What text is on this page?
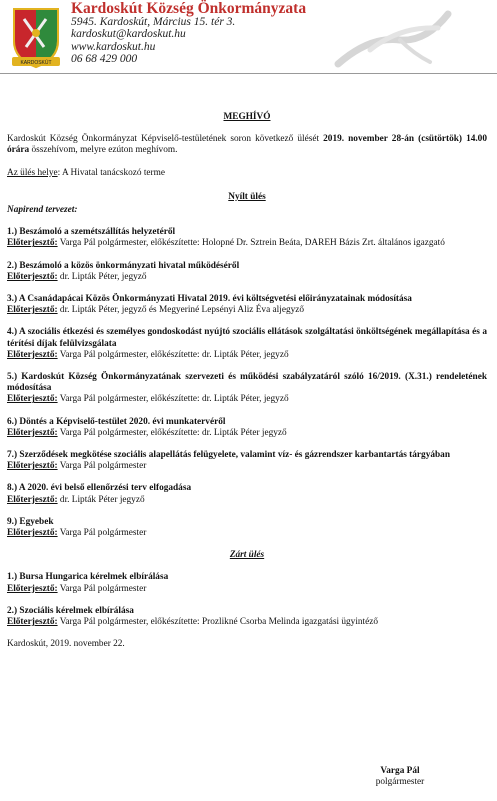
KARDOSKÚT
Kardoskút Község Önkormányzata
5945. Kardoskút, Március 15. tér 3.
kardoskut@kardoskut.hu
www.kardoskut.hu
06 68 429 000

MEGHÍVÓ

Kardoskút Község Önkormányzat Képviselő-testületének soron következő ülését 2019. november 28-án (csütörtök) 14.00 órára összehívom, melyre ezúton meghívom.

Az ülés helye: A Hivatal tanácskozó terme

Nyílt ülés

Napirend tervezet:

1.) Beszámoló a szemétszállítás helyzetéről

Előterjesztő: Varga Pál polgármester, előkészítette: Holopné Dr. Sztrein Beáta, DAREH Bázis Zrt. általános igazgató

2.) Beszámoló a közös önkormányzati hivatal működéséről

Előterjesztő: dr. Lipták Péter, jegyző

3.) A Csanádapácai Közös Önkormányzati Hivatal 2019. évi költségvetési előirányzatainak módosítása

Előterjesztő: dr. Lipták Péter, jegyző és Megyeriné Lepsényi Aliz Éva aljegyző

4.) A szociális étkezési és személyes gondoskodást nyújtó szociális ellátások szolgáltatási önköltségének megállapítása és a térítési díjak felülvizsgálata

Előterjesztő: Varga Pál polgármester, előkészítette: dr. Lipták Péter, jegyző

5.) Kardoskút Község Önkormányzatának szervezeti és működési szabályzatáról szóló 16/2019. (X.31.) rendeletének módosítása

Előterjesztő: Varga Pál polgármester, előkészítette: dr. Lipták Péter, jegyző

6.) Döntés a Képviselő-testület 2020. évi munkatervéről

Előterjesztő: Varga Pál polgármester, előkészítette: dr. Lipták Péter jegyző

7.) Szerződések megkötése szociális alapellátás felügyelete, valamint víz- és gázrendszer karbantartás tárgyában

Előterjesztő: Varga Pál polgármester

8.) A 2020. évi belső ellenőrzési terv elfogadása

Előterjesztő: dr. Lipták Péter jegyző

9.) Egyebek

Előterjesztő: Varga Pál polgármester

Zárt ülés

1.) Bursa Hungarica kérelmek elbírálása

Előterjesztő: Varga Pál polgármester

2.) Szociális kérelmek elbírálása

Előterjesztő: Varga Pál polgármester, előkészítette: Prozlikné Csorba Melinda igazgatási ügyintéző

Kardoskút, 2019. november 22.

Varga Pál
polgármester
